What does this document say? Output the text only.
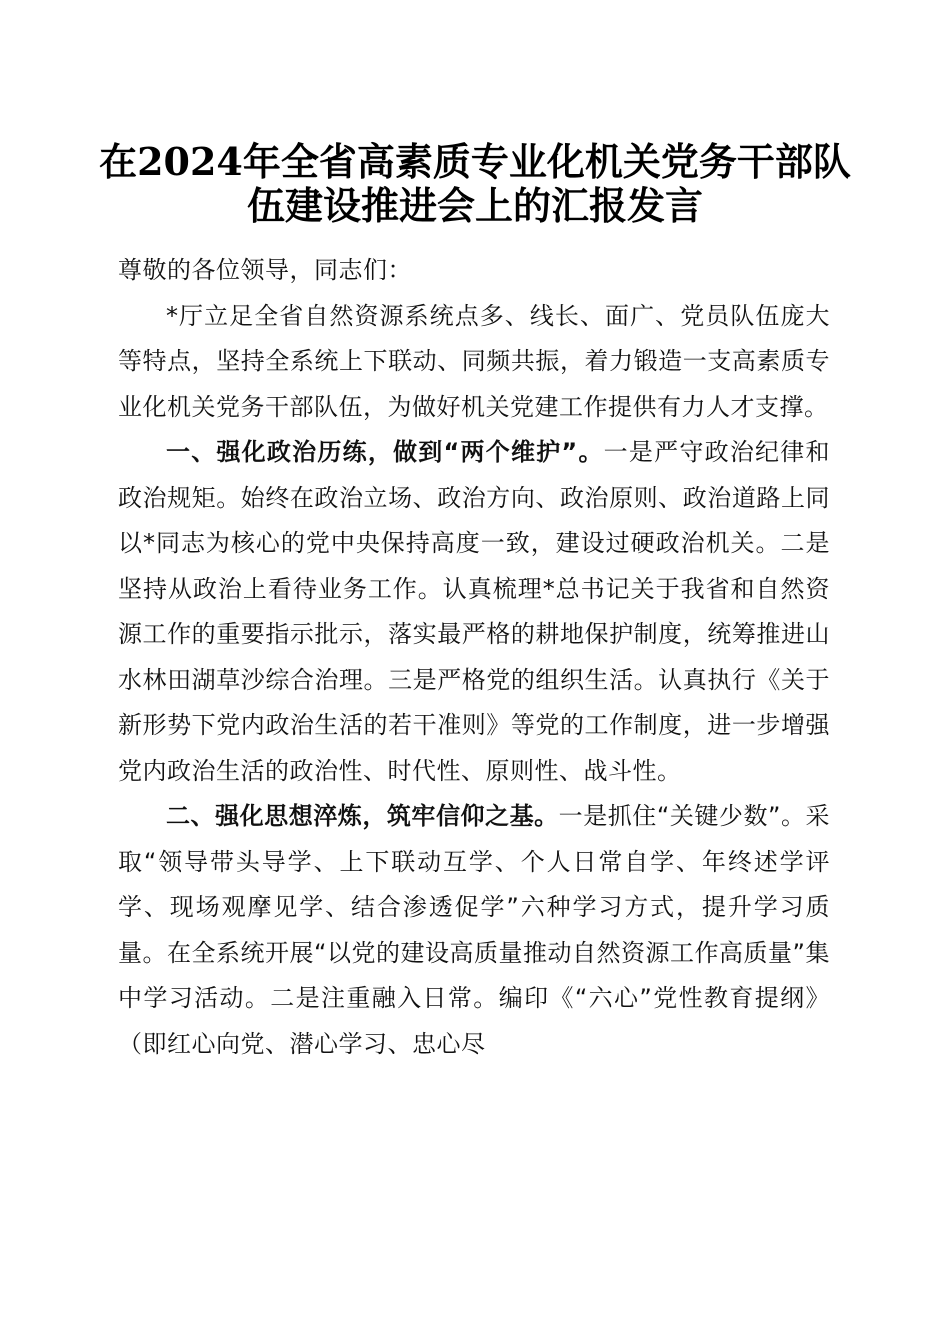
在2024年全省高素质专业化机关党务干部队
伍建设推进会上的汇报发言

尊敬的各位领导，同志们：

*厅立足全省自然资源系统点多、线长、面广、党员队伍庞大等特点，坚持全系统上下联动、同频共振，着力锻造一支高素质专业化机关党务干部队伍，为做好机关党建工作提供有力人才支撑。

一、强化政治历练，做到“两个维护”。一是严守政治纪律和政治规矩。始终在政治立场、政治方向、政治原则、政治道路上同以*同志为核心的党中央保持高度一致，建设过硬政治机关。二是坚持从政治上看待业务工作。认真梳理*总书记关于我省和自然资源工作的重要指示批示，落实最严格的耕地保护制度，统筹推进山水林田湖草沙综合治理。三是严格党的组织生活。认真执行《关于新形势下党内政治生活的若干准则》等党的工作制度，进一步增强党内政治生活的政治性、时代性、原则性、战斗性。

二、强化思想淬炼，筑牢信仰之基。一是抓住“关键少数”。采取“领导带头导学、上下联动互学、个人日常自学、年终述学评学、现场观摩见学、结合渗透促学”六种学习方式，提升学习质量。在全系统开展“以党的建设高质量推动自然资源工作高质量”集中学习活动。二是注重融入日常。编印《“六心”党性教育提纲》（即红心向党、潜心学习、忠心尽
